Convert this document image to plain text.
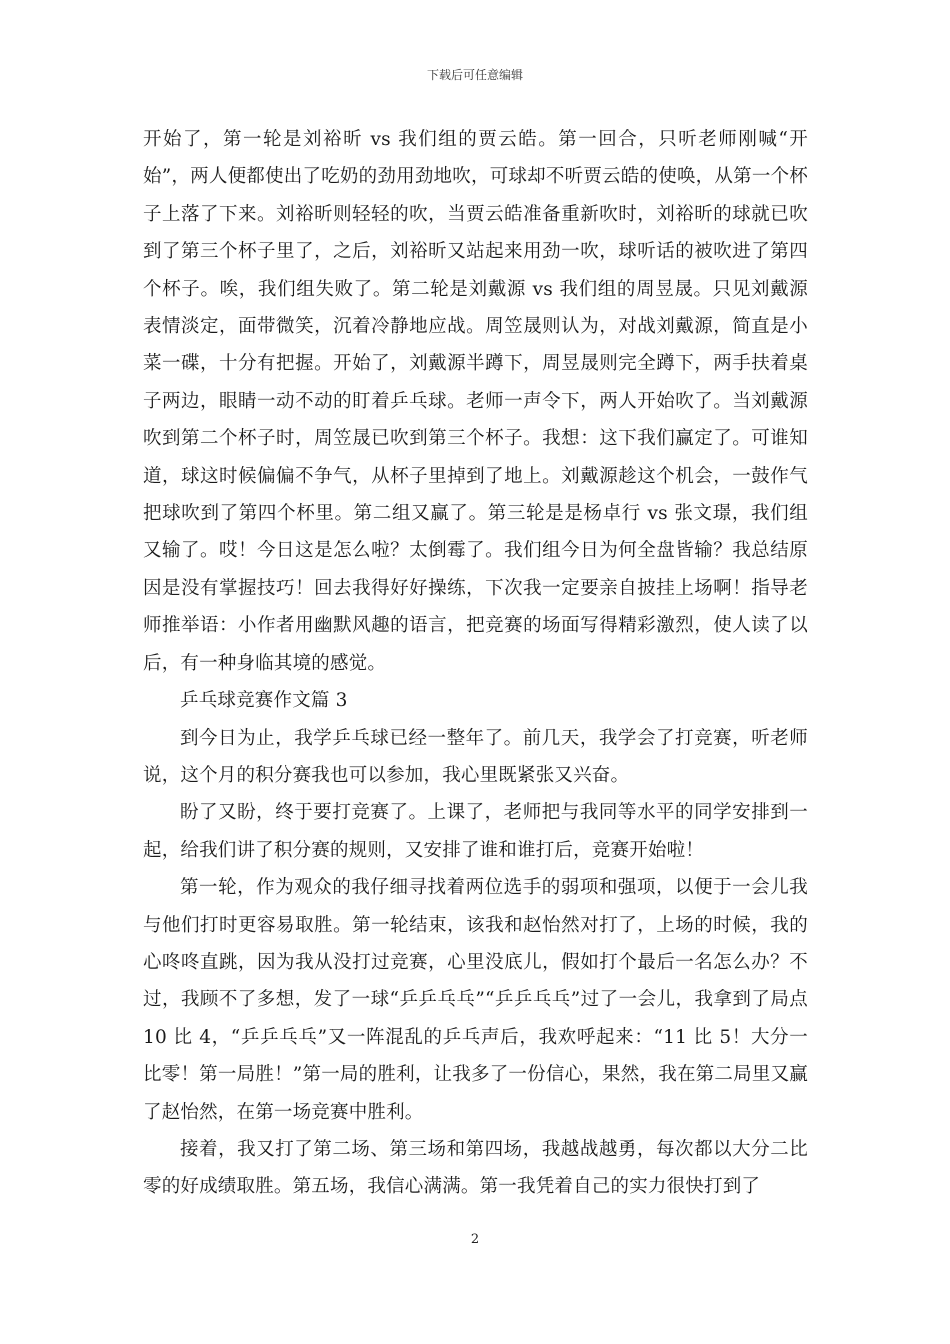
下载后可任意编辑

开始了，第一轮是刘裕昕 vs 我们组的贾云皓。第一回合，只听老师刚喊“开始”，两人便都使出了吃奶的劲用劲地吹，可球却不听贾云皓的使唤，从第一个杯子上落了下来。刘裕昕则轻轻的吹，当贾云皓准备重新吹时，刘裕昕的球就已吹到了第三个杯子里了，之后，刘裕昕又站起来用劲一吹，球听话的被吹进了第四个杯子。唉，我们组失败了。第二轮是刘戴源 vs 我们组的周昱晟。只见刘戴源表情淡定，面带微笑，沉着冷静地应战。周笠晟则认为，对战刘戴源，简直是小菜一碟，十分有把握。开始了，刘戴源半蹲下，周昱晟则完全蹲下，两手扶着桌子两边，眼睛一动不动的盯着乒乓球。老师一声令下，两人开始吹了。当刘戴源吹到第二个杯子时，周笠晟已吹到第三个杯子。我想：这下我们赢定了。可谁知道，球这时候偏偏不争气，从杯子里掉到了地上。刘戴源趁这个机会，一鼓作气把球吹到了第四个杯里。第二组又赢了。第三轮是是杨卓行 vs 张文璟，我们组又输了。哎！今日这是怎么啦？太倒霉了。我们组今日为何全盘皆输？我总结原因是没有掌握技巧！回去我得好好操练，下次我一定要亲自披挂上场啊！指导老师推举语：小作者用幽默风趣的语言，把竞赛的场面写得精彩激烈，使人读了以后，有一种身临其境的感觉。

乒乓球竞赛作文篇 3

到今日为止，我学乒乓球已经一整年了。前几天，我学会了打竞赛，听老师说，这个月的积分赛我也可以参加，我心里既紧张又兴奋。

盼了又盼，终于要打竞赛了。上课了，老师把与我同等水平的同学安排到一起，给我们讲了积分赛的规则，又安排了谁和谁打后，竞赛开始啦！

第一轮，作为观众的我仔细寻找着两位选手的弱项和强项，以便于一会儿我与他们打时更容易取胜。第一轮结束，该我和赵怡然对打了，上场的时候，我的心咚咚直跳，因为我从没打过竞赛，心里没底儿，假如打个最后一名怎么办？不过，我顾不了多想，发了一球“乒乒乓乓”“乒乒乓乓”过了一会儿，我拿到了局点 10 比 4，“乒乒乓乓”又一阵混乱的乒乓声后，我欢呼起来：“11 比 5！大分一比零！第一局胜！”第一局的胜利，让我多了一份信心，果然，我在第二局里又赢了赵怡然，在第一场竞赛中胜利。

接着，我又打了第二场、第三场和第四场，我越战越勇，每次都以大分二比零的好成绩取胜。第五场，我信心满满。第一我凭着自己的实力很快打到了

2
